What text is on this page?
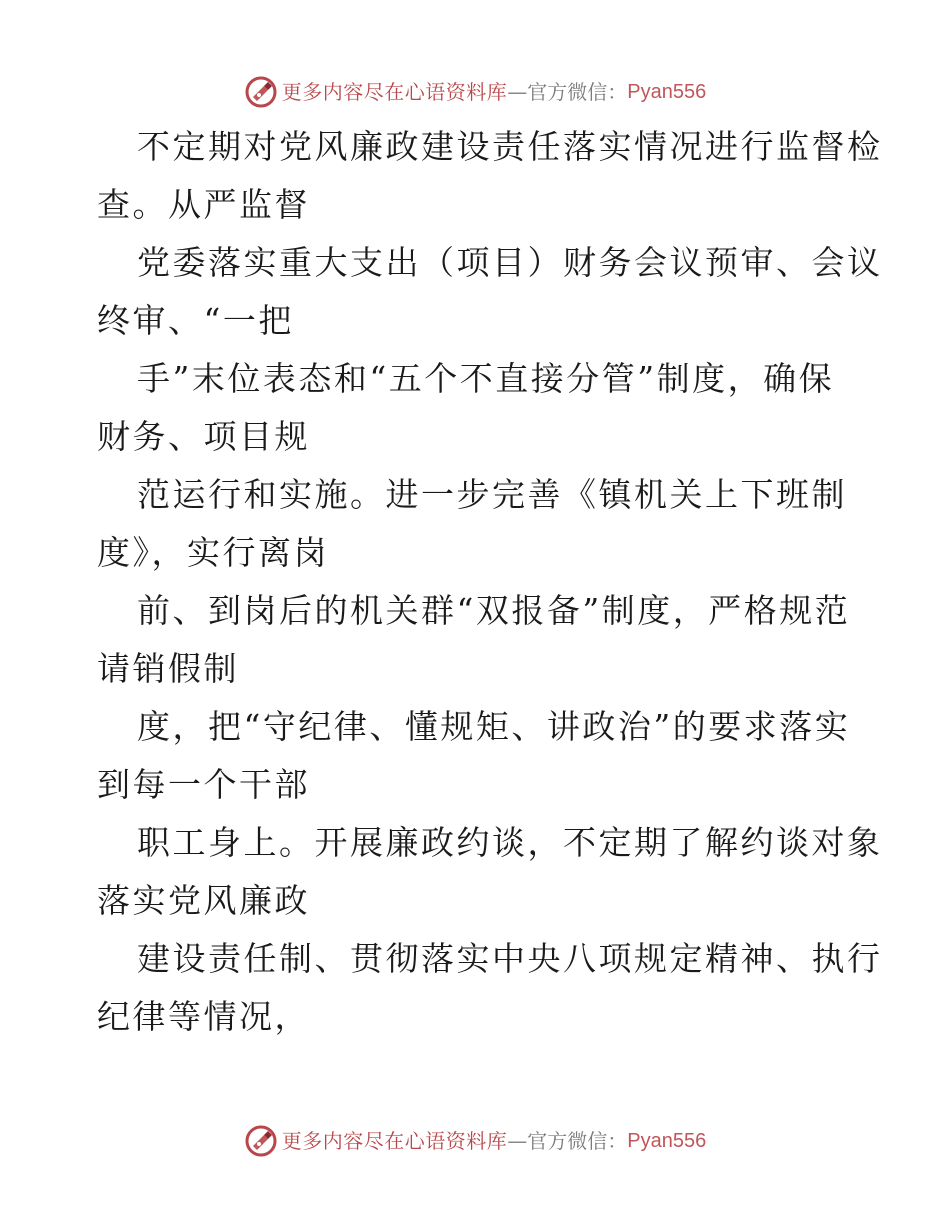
更多内容尽在心语资料库 — 官方微信： Pyan556

不定期对党风廉政建设责任落实情况进行监督检
查。从严监督

党委落实重大支出（项目）财务会议预审、会议
终审、“一把

手”末位表态和“五个不直接分管”制度，确保
财务、项目规

范运行和实施。进一步完善《镇机关上下班制
度》，实行离岗

前、到岗后的机关群“双报备”制度，严格规范
请销假制

度，把“守纪律、懂规矩、讲政治”的要求落实
到每一个干部

职工身上。开展廉政约谈，不定期了解约谈对象
落实党风廉政

建设责任制、贯彻落实中央八项规定精神、执行
纪律等情况，

更多内容尽在心语资料库 — 官方微信： Pyan556
